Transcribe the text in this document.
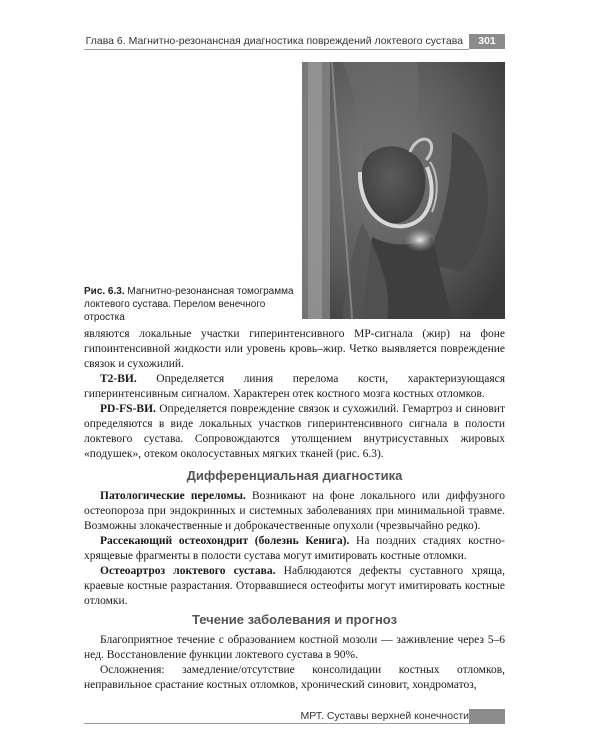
Глава 6. Магнитно-резонансная диагностика повреждений локтевого сустава	301
Рис. 6.3. Магнитно-резонансная томограмма локтевого сустава. Перелом венечного отростка

являются локальные участки гиперинтенсивного МР-сигнала (жир) на фоне гипоинтенсивной жидкости или уровень кровь–жир. Четко выявляется повреждение связок и сухожилий.

Т2-ВИ. Определяется линия перелома кости, характеризующаяся гиперинтенсивным сигналом. Характерен отек костного мозга костных отломков.

PD-FS-ВИ. Определяется повреждение связок и сухожилий. Гемартроз и синовит определяются в виде локальных участков гиперинтенсивного сигнала в полости локтевого сустава. Сопровождаются утолщением внутрисуставных жировых «подушек», отеком околосуставных мягких тканей (рис. 6.3).

Дифференциальная диагностика

Патологические переломы. Возникают на фоне локального или диффузного остеопороза при эндокринных и системных заболеваниях при минимальной травме. Возможны злокачественные и доброкачественные опухоли (чрезвычайно редко).

Рассекающий остеохондрит (болезнь Кенига). На поздних стадиях костно-хрящевые фрагменты в полости сустава могут имитировать костные отломки.

Остеоартроз локтевого сустава. Наблюдаются дефекты суставного хряща, краевые костные разрастания. Оторвавшиеся остеофиты могут имитировать костные отломки.

Течение заболевания и прогноз

Благоприятное течение с образованием костной мозоли — заживление через 5–6 нед. Восстановление функции локтевого сустава в 90%.

Осложнения: замедление/отсутствие консолидации костных отломков, неправильное срастание костных отломков, хронический синовит, хондроматоз,

МРТ. Суставы верхней конечности
